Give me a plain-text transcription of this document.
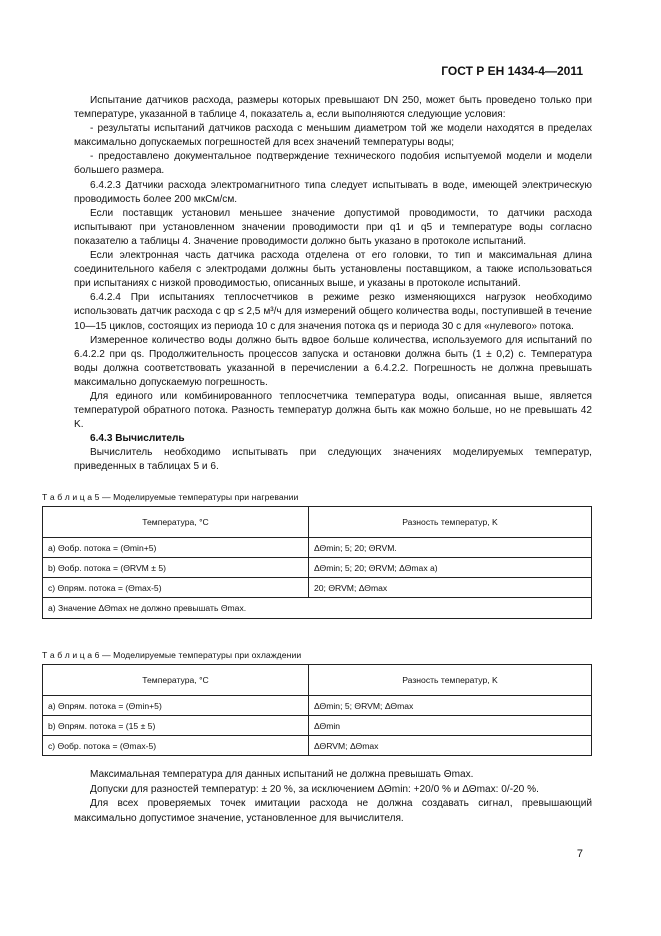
ГОСТ Р ЕН 1434-4—2011

Испытание датчиков расхода, размеры которых превышают DN 250, может быть проведено только при температуре, указанной в таблице 4, показатель а, если выполняются следующие условия:

- результаты испытаний датчиков расхода с меньшим диаметром той же модели находятся в пределах максимально допускаемых погрешностей для всех значений температуры воды;

- предоставлено документальное подтверждение технического подобия испытуемой модели и модели большего размера.

6.4.2.3 Датчики расхода электромагнитного типа следует испытывать в воде, имеющей электрическую проводимость более 200 мкСм/см.

Если поставщик установил меньшее значение допустимой проводимости, то датчики расхода испытывают при установленном значении проводимости при q1 и q5 и температуре воды согласно показателю а таблицы 4. Значение проводимости должно быть указано в протоколе испытаний.

Если электронная часть датчика расхода отделена от его головки, то тип и максимальная длина соединительного кабеля с электродами должны быть установлены поставщиком, а также использоваться при испытаниях с низкой проводимостью, описанных выше, и указаны в протоколе испытаний.

6.4.2.4 При испытаниях теплосчетчиков в режиме резко изменяющихся нагрузок необходимо использовать датчик расхода с qp ≤ 2,5 м³/ч для измерений общего количества воды, поступившей в течение 10—15 циклов, состоящих из периода 10 с для значения потока qs и периода 30 с для «нулевого» потока.

Измеренное количество воды должно быть вдвое больше количества, используемого для испытаний по 6.4.2.2 при qs. Продолжительность процессов запуска и остановки должна быть (1 ± 0,2) с. Температура воды должна соответствовать указанной в перечислении а 6.4.2.2. Погрешность не должна превышать максимально допускаемую погрешность.

Для единого или комбинированного теплосчетчика температура воды, описанная выше, является температурой обратного потока. Разность температур должна быть как можно больше, но не превышать 42 K.

6.4.3 Вычислитель

Вычислитель необходимо испытывать при следующих значениях моделируемых температур, приведенных в таблицах 5 и 6.

Т а б л и ц а 5 — Моделируемые температуры при нагревании
Температура, °C	Разность температур, K
а) Θобр. потока = (Θmin+5)	ΔΘmin; 5; 20; ΘRVM.
b) Θобр. потока = (ΘRVM ± 5)	ΔΘmin; 5; 20; ΘRVM; ΔΘmax a)
c) Θпрям. потока = (Θmax-5)	20; ΘRVM; ΔΘmax
a) Значение ΔΘmax не должно превышать Θmax.	
Т а б л и ц а 6 — Моделируемые температуры при охлаждении
Температура, °C	Разность температур, K
а) Θпрям. потока = (Θmin+5)	ΔΘmin; 5; ΘRVM; ΔΘmax
b) Θпрям. потока = (15 ± 5)	ΔΘmin
c) Θобр. потока = (Θmax-5)	ΔΘRVM; ΔΘmax

Максимальная температура для данных испытаний не должна превышать Θmax.

Допуски для разностей температур: ± 20 %, за исключением ΔΘmin: +20/0 % и ΔΘmax: 0/-20 %.

Для всех проверяемых точек имитации расхода не должна создавать сигнал, превышающий максимально допустимое значение, установленное для вычислителя.

7
